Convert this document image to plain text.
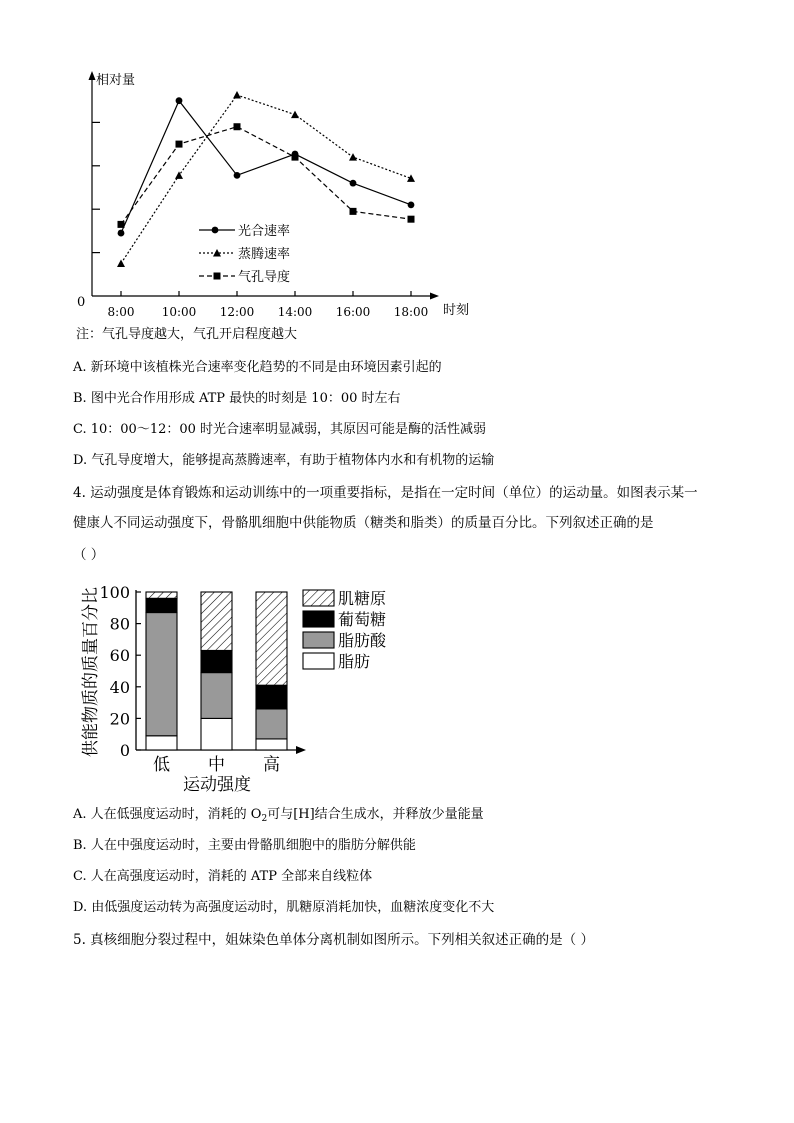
8:00 10:00 12:00 14:00 16:00 18:00
相对量
0
时刻
光合速率
蒸腾速率
气孔导度
注：气孔导度越大，气孔开启程度越大
A. 新环境中该植株光合速率变化趋势的不同是由环境因素引起的
B. 图中光合作用形成 ATP 最快的时刻是 10：00 时左右
C. 10：00～12：00 时光合速率明显减弱，其原因可能是酶的活性减弱
D. 气孔导度增大，能够提高蒸腾速率，有助于植物体内水和有机物的运输
4. 运动强度是体育锻炼和运动训练中的一项重要指标，是指在一定时间（单位）的运动量。如图表示某一
健康人不同运动强度下，骨骼肌细胞中供能物质（糖类和脂类）的质量百分比。下列叙述正确的是
（ ）
供能物质的质量百分比 0
20
40
60
80
100
低 中 高
运动强度
肌糖原
葡萄糖
脂肪酸
脂肪
A. 人在低强度运动时，消耗的 $O_2$可与[H]结合生成水，并释放少量能量
B. 人在中强度运动时，主要由骨骼肌细胞中的脂肪分解供能
C. 人在高强度运动时，消耗的 ATP 全部来自线粒体
D. 由低强度运动转为高强度运动时，肌糖原消耗加快，血糖浓度变化不大
5. 真核细胞分裂过程中，姐妹染色单体分离机制如图所示。下列相关叙述正确的是（ ）
